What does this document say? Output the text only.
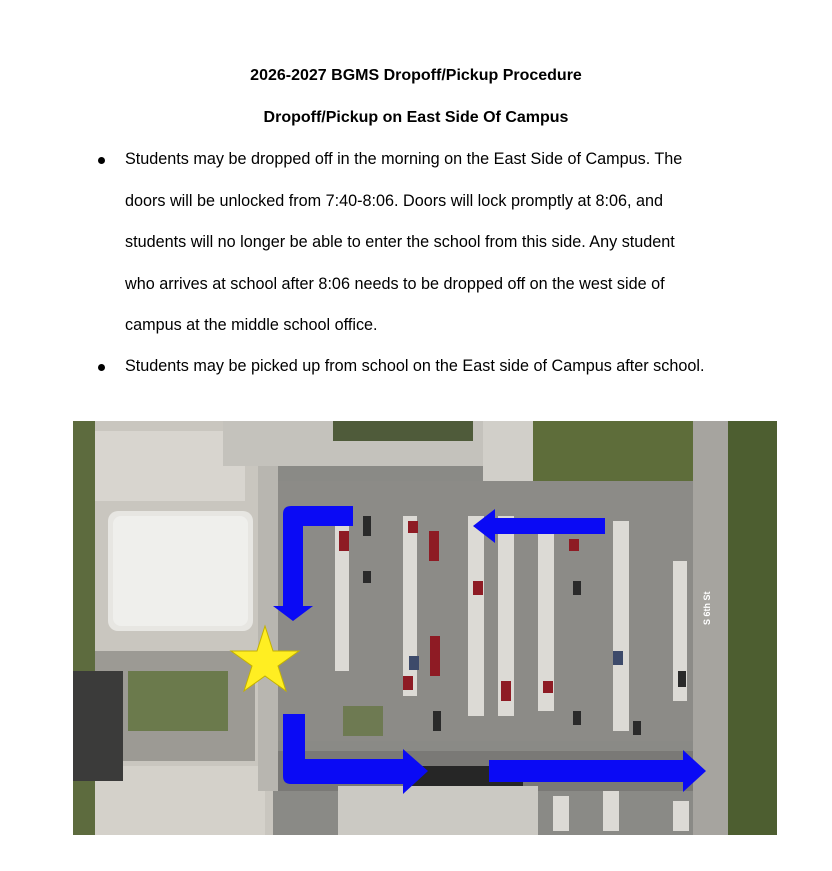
2026-2027 BGMS Dropoff/Pickup Procedure
Dropoff/Pickup on East Side Of Campus
Students may be dropped off in the morning on the East Side of Campus. The
doors will be unlocked from 7:40-8:06. Doors will lock promptly at 8:06, and
students will no longer be able to enter the school from this side. Any student
who arrives at school after 8:06 needs to be dropped off on the west side of
campus at the middle school office.
Students may be picked up from school on the East side of Campus after school.
S 6th St
